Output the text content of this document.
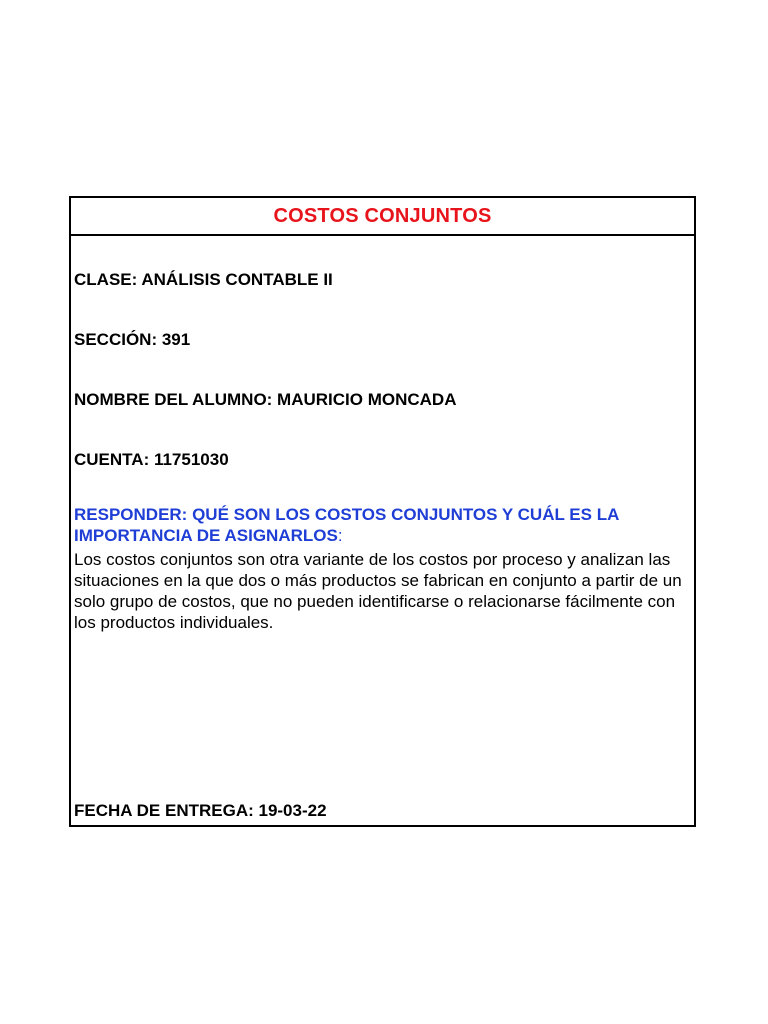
COSTOS CONJUNTOS
CLASE: ANÁLISIS CONTABLE II
SECCIÓN: 391
NOMBRE DEL ALUMNO: MAURICIO MONCADA
CUENTA: 11751030
RESPONDER: QUÉ SON LOS COSTOS CONJUNTOS Y CUÁL ES LA IMPORTANCIA DE ASIGNARLOS:
Los costos conjuntos son otra variante de los costos por proceso y analizan las situaciones en la que dos o más productos se fabrican en conjunto a partir de un solo grupo de costos, que no pueden identificarse o relacionarse fácilmente con los productos individuales.
FECHA DE ENTREGA: 19-03-22
